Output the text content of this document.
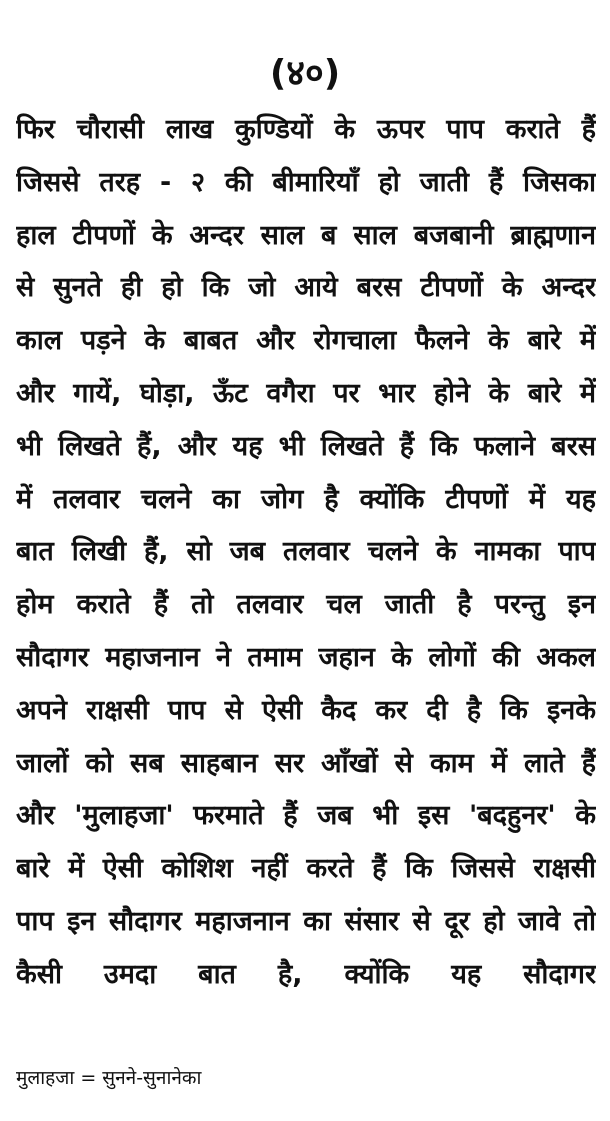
(४०)
फिर चौरासी लाख कुण्डियों के ऊपर पाप कराते हैं
जिससे तरह - २ की बीमारियाँ हो जाती हैं जिसका
हाल टीपणों के अन्दर साल ब साल बजबानी ब्राह्मणान
से सुनते ही हो कि जो आये बरस टीपणों के अन्दर
काल पड़ने के बाबत और रोगचाला फैलने के बारे में
और गायें, घोड़ा, ऊँट वगैरा पर भार होने के बारे में
भी लिखते हैं, और यह भी लिखते हैं कि फलाने बरस
में तलवार चलने का जोग है क्योंकि टीपणों में यह
बात लिखी हैं, सो जब तलवार चलने के नामका पाप
होम कराते हैं तो तलवार चल जाती है परन्तु इन
सौदागर महाजनान ने तमाम जहान के लोगों की अकल
अपने राक्षसी पाप से ऐसी कैद कर दी है कि इनके
जालों को सब साहबान सर आँखों से काम में लाते हैं
और 'मुलाहजा' फरमाते हैं जब भी इस 'बदहुनर' के
बारे में ऐसी कोशिश नहीं करते हैं कि जिससे राक्षसी
पाप इन सौदागर महाजनान का संसार से दूर हो जावे तो
कैसी उमदा बात है, क्योंकि यह सौदागर
मुलाहजा = सुनने-सुनानेका
